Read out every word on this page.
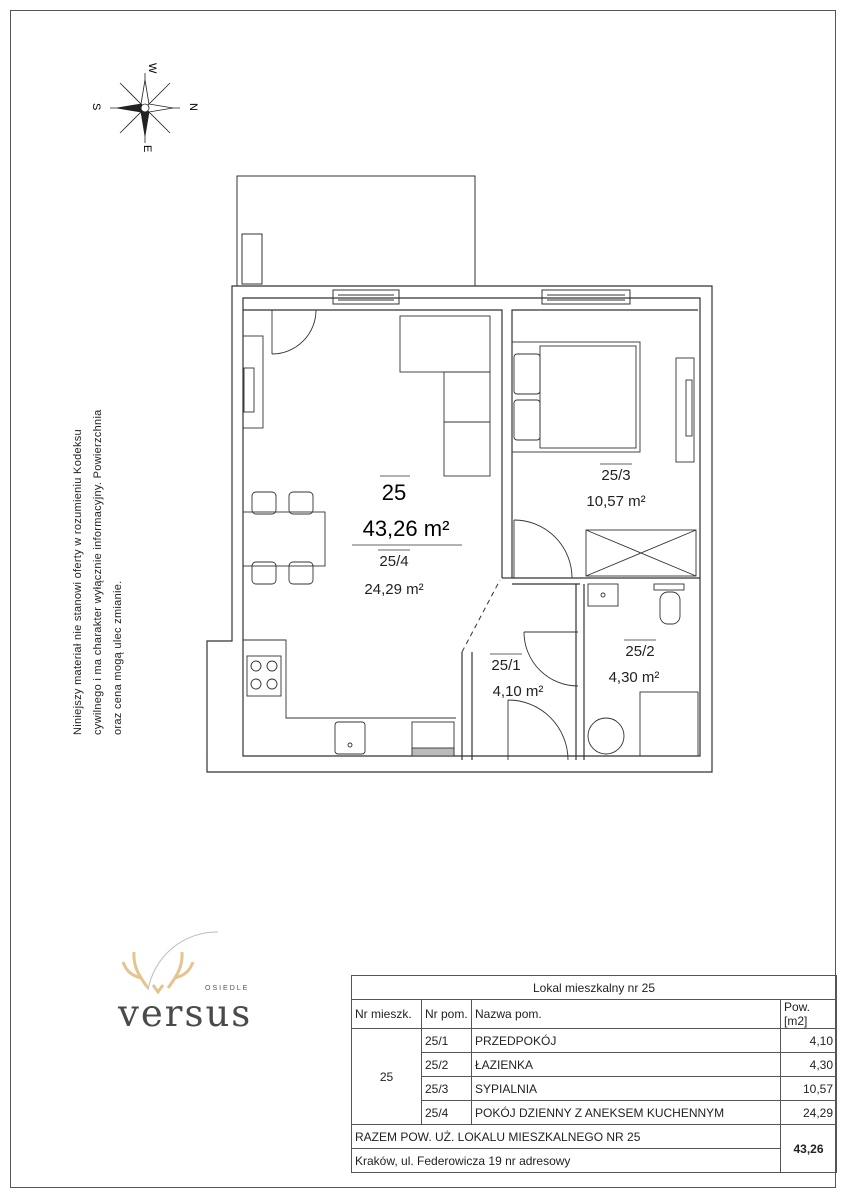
W
E
S	N
25
43,26 m²
25/4
24,29 m²
25/3
10,57 m²
25/2
4,30 m²
25/1
4,10 m²
Niniejszy materiał nie stanowi oferty w rozumieniu Kodeksu cywilnego i ma charakter wyłącznie informacyjny. Powierzchnia oraz cena mogą ulec zmianie.
OSIEDLE
versus
Lokal mieszkalny nr 25			
Nr mieszk.	Nr pom.	Nazwa pom.	Pow.[m2]
25	25/1	PRZEDPOKÓJ	4,10
	25/2	ŁAZIENKA	4,30
	25/3	SYPIALNIA	10,57
	25/4	POKÓJ DZIENNY Z ANEKSEM KUCHENNYM	24,29
RAZEM POW. UŻ. LOKALU MIESZKALNEGO NR 25			43,26
Kraków, ul. Federowicza 19 nr adresowy			
